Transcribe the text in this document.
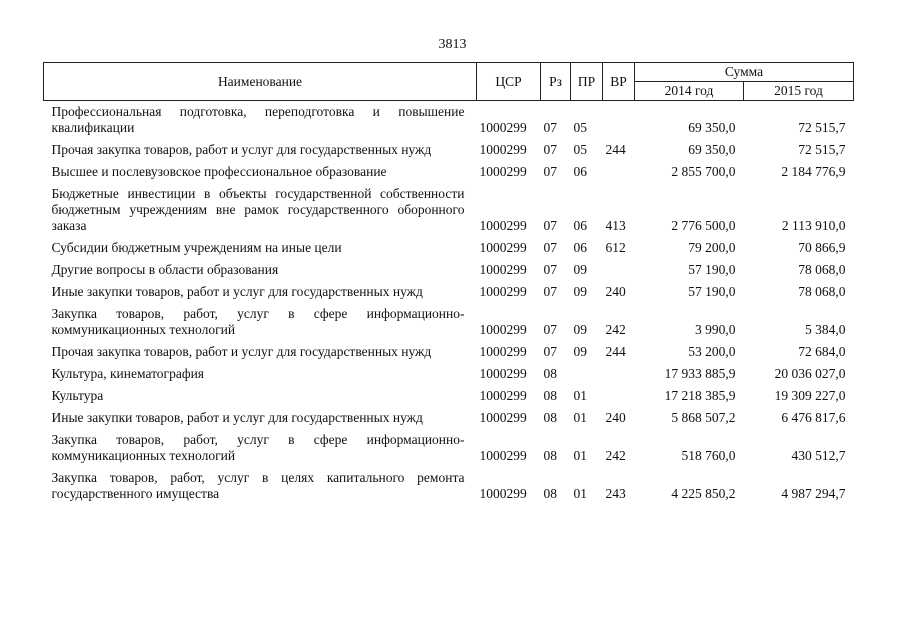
3813
Наименование	ЦСР	Рз	ПР	ВР	Сумма	
					2014 год	2015 год
Профессиональная подготовка, переподготовка и повышение квалификации	1000299	07	05		69 350,0	72 515,7
Прочая закупка товаров, работ и услуг для государственных нужд	1000299	07	05	244	69 350,0	72 515,7
Высшее и послевузовское профессиональное образование	1000299	07	06		2 855 700,0	2 184 776,9
Бюджетные инвестиции в объекты государственной собственности бюджетным учреждениям вне рамок государственного оборонного заказа	1000299	07	06	413	2 776 500,0	2 113 910,0
Субсидии бюджетным учреждениям на иные цели	1000299	07	06	612	79 200,0	70 866,9
Другие вопросы в области образования	1000299	07	09		57 190,0	78 068,0
Иные закупки товаров, работ и услуг для государственных нужд	1000299	07	09	240	57 190,0	78 068,0
Закупка товаров, работ, услуг в сфере информационно-коммуникационных технологий	1000299	07	09	242	3 990,0	5 384,0
Прочая закупка товаров, работ и услуг для государственных нужд	1000299	07	09	244	53 200,0	72 684,0
Культура, кинематография	1000299	08			17 933 885,9	20 036 027,0
Культура	1000299	08	01		17 218 385,9	19 309 227,0
Иные закупки товаров, работ и услуг для государственных нужд	1000299	08	01	240	5 868 507,2	6 476 817,6
Закупка товаров, работ, услуг в сфере информационно-коммуникационных технологий	1000299	08	01	242	518 760,0	430 512,7
Закупка товаров, работ, услуг в целях капитального ремонта государственного имущества	1000299	08	01	243	4 225 850,2	4 987 294,7
